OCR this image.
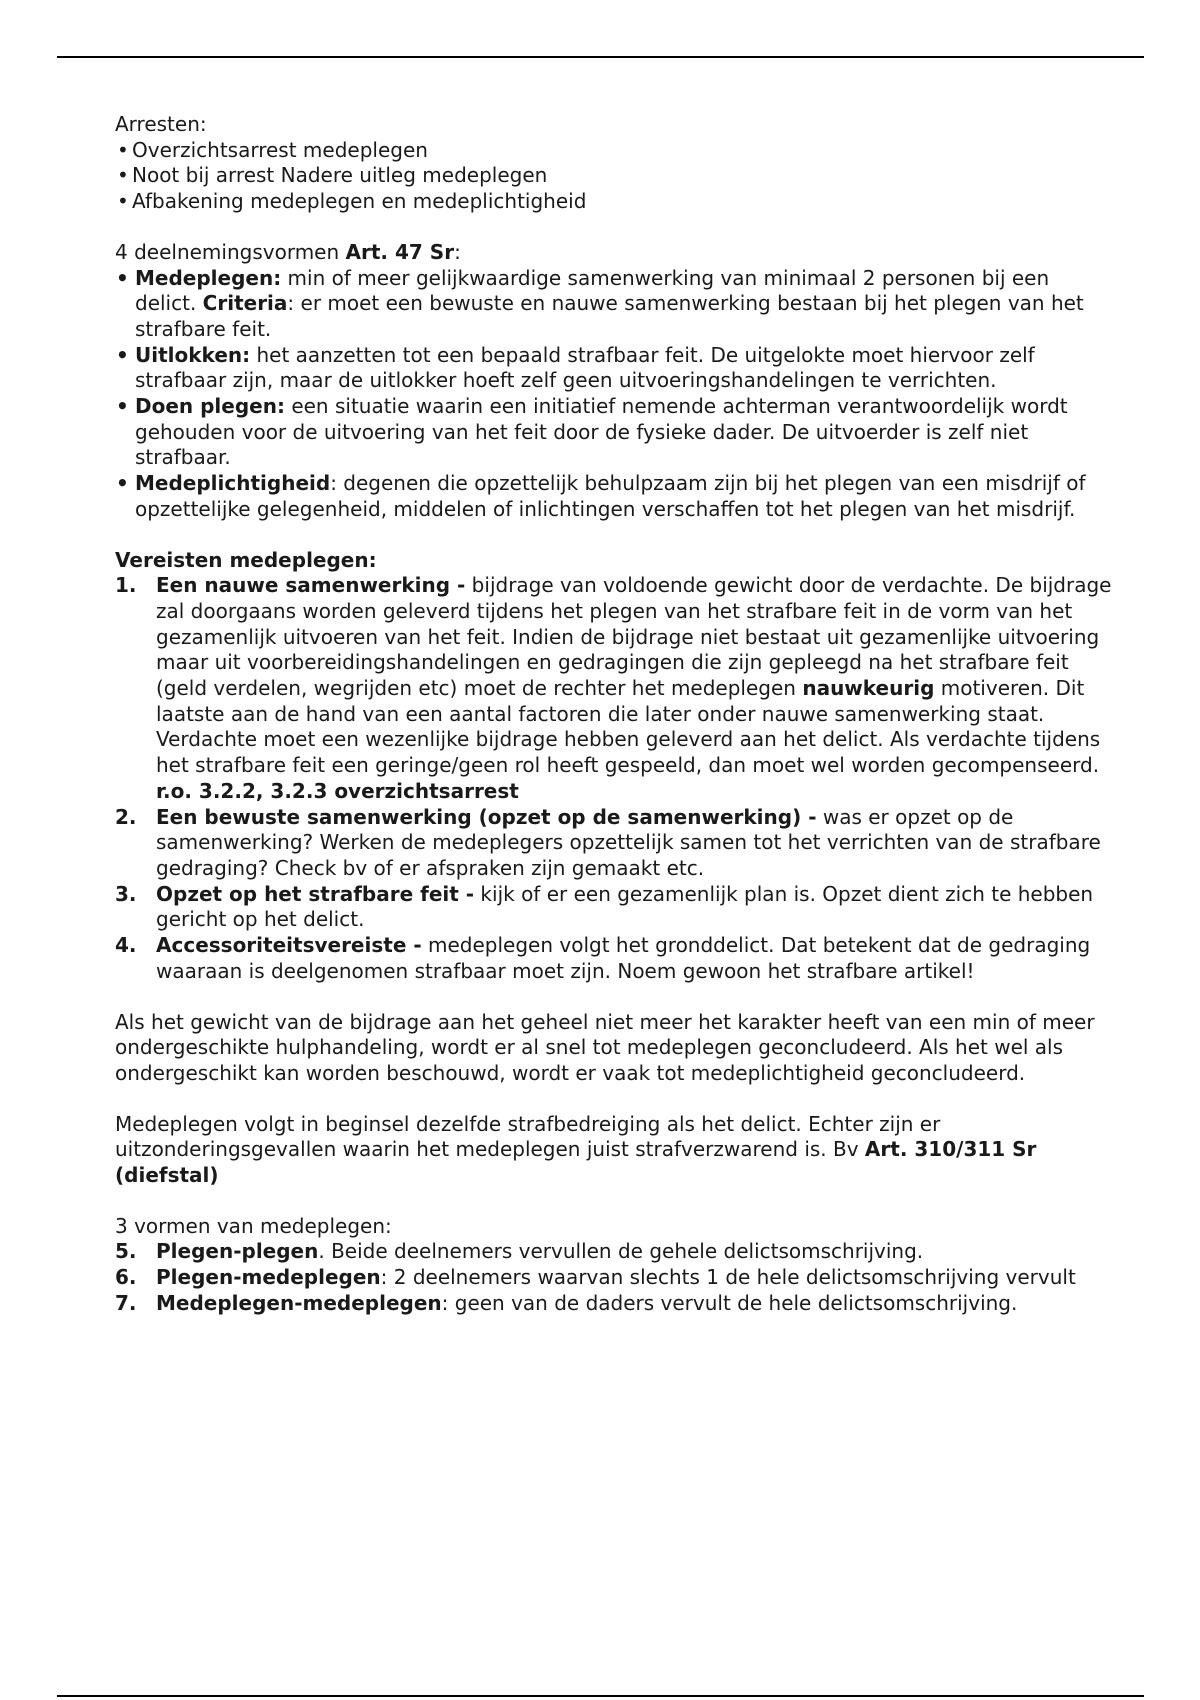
Arresten:

• Overzichtsarrest medeplegen
• Noot bij arrest Nadere uitleg medeplegen
• Afbakening medeplegen en medeplichtigheid

4 deelnemingsvormen Art. 47 Sr:

• Medeplegen: min of meer gelijkwaardige samenwerking van minimaal 2 personen bij een delict. Criteria: er moet een bewuste en nauwe samenwerking bestaan bij het plegen van het strafbare feit.
• Uitlokken: het aanzetten tot een bepaald strafbaar feit. De uitgelokte moet hiervoor zelf strafbaar zijn, maar de uitlokker hoeft zelf geen uitvoeringshandelingen te verrichten.
• Doen plegen: een situatie waarin een initiatief nemende achterman verantwoordelijk wordt gehouden voor de uitvoering van het feit door de fysieke dader. De uitvoerder is zelf niet strafbaar.
• Medeplichtigheid: degenen die opzettelijk behulpzaam zijn bij het plegen van een misdrijf of opzettelijke gelegenheid, middelen of inlichtingen verschaffen tot het plegen van het misdrijf.

Vereisten medeplegen:

1. Een nauwe samenwerking - bijdrage van voldoende gewicht door de verdachte. De bijdrage zal doorgaans worden geleverd tijdens het plegen van het strafbare feit in de vorm van het gezamenlijk uitvoeren van het feit. Indien de bijdrage niet bestaat uit gezamenlijke uitvoering maar uit voorbereidingshandelingen en gedragingen die zijn gepleegd na het strafbare feit (geld verdelen, wegrijden etc) moet de rechter het medeplegen nauwkeurig motiveren. Dit laatste aan de hand van een aantal factoren die later onder nauwe samenwerking staat. Verdachte moet een wezenlijke bijdrage hebben geleverd aan het delict. Als verdachte tijdens het strafbare feit een geringe/geen rol heeft gespeeld, dan moet wel worden gecompenseerd. r.o. 3.2.2, 3.2.3 overzichtsarrest
2. Een bewuste samenwerking (opzet op de samenwerking) - was er opzet op de samenwerking? Werken de medeplegers opzettelijk samen tot het verrichten van de strafbare gedraging? Check bv of er afspraken zijn gemaakt etc.
3. Opzet op het strafbare feit - kijk of er een gezamenlijk plan is. Opzet dient zich te hebben gericht op het delict.
4. Accessoriteitsvereiste - medeplegen volgt het gronddelict. Dat betekent dat de gedraging waaraan is deelgenomen strafbaar moet zijn. Noem gewoon het strafbare artikel!

Als het gewicht van de bijdrage aan het geheel niet meer het karakter heeft van een min of meer ondergeschikte hulphandeling, wordt er al snel tot medeplegen geconcludeerd. Als het wel als ondergeschikt kan worden beschouwd, wordt er vaak tot medeplichtigheid geconcludeerd.

Medeplegen volgt in beginsel dezelfde strafbedreiging als het delict. Echter zijn er uitzonderingsgevallen waarin het medeplegen juist strafverzwarend is. Bv Art. 310/311 Sr (diefstal)

3 vormen van medeplegen:

5. Plegen-plegen. Beide deelnemers vervullen de gehele delictsomschrijving.
6. Plegen-medeplegen: 2 deelnemers waarvan slechts 1 de hele delictsomschrijving vervult
7. Medeplegen-medeplegen: geen van de daders vervult de hele delictsomschrijving.
